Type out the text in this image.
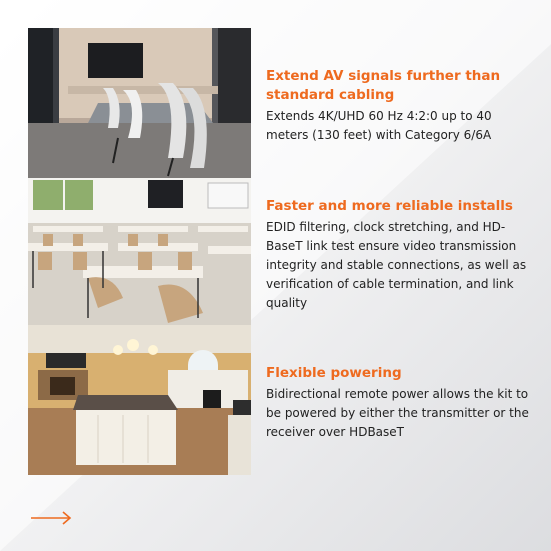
Extend AV signals further than standard cabling

Extends 4K/UHD 60 Hz 4:2:0 up to 40 meters (130 feet) with Category 6/6A

Faster and more reliable installs

EDID filtering, clock stretching, and HD-BaseT link test ensure video transmission integrity and stable connections, as well as verification of cable termination, and link quality

Flexible powering

Bidirectional remote power allows the kit to be powered by either the transmitter or the receiver over HDBaseT
